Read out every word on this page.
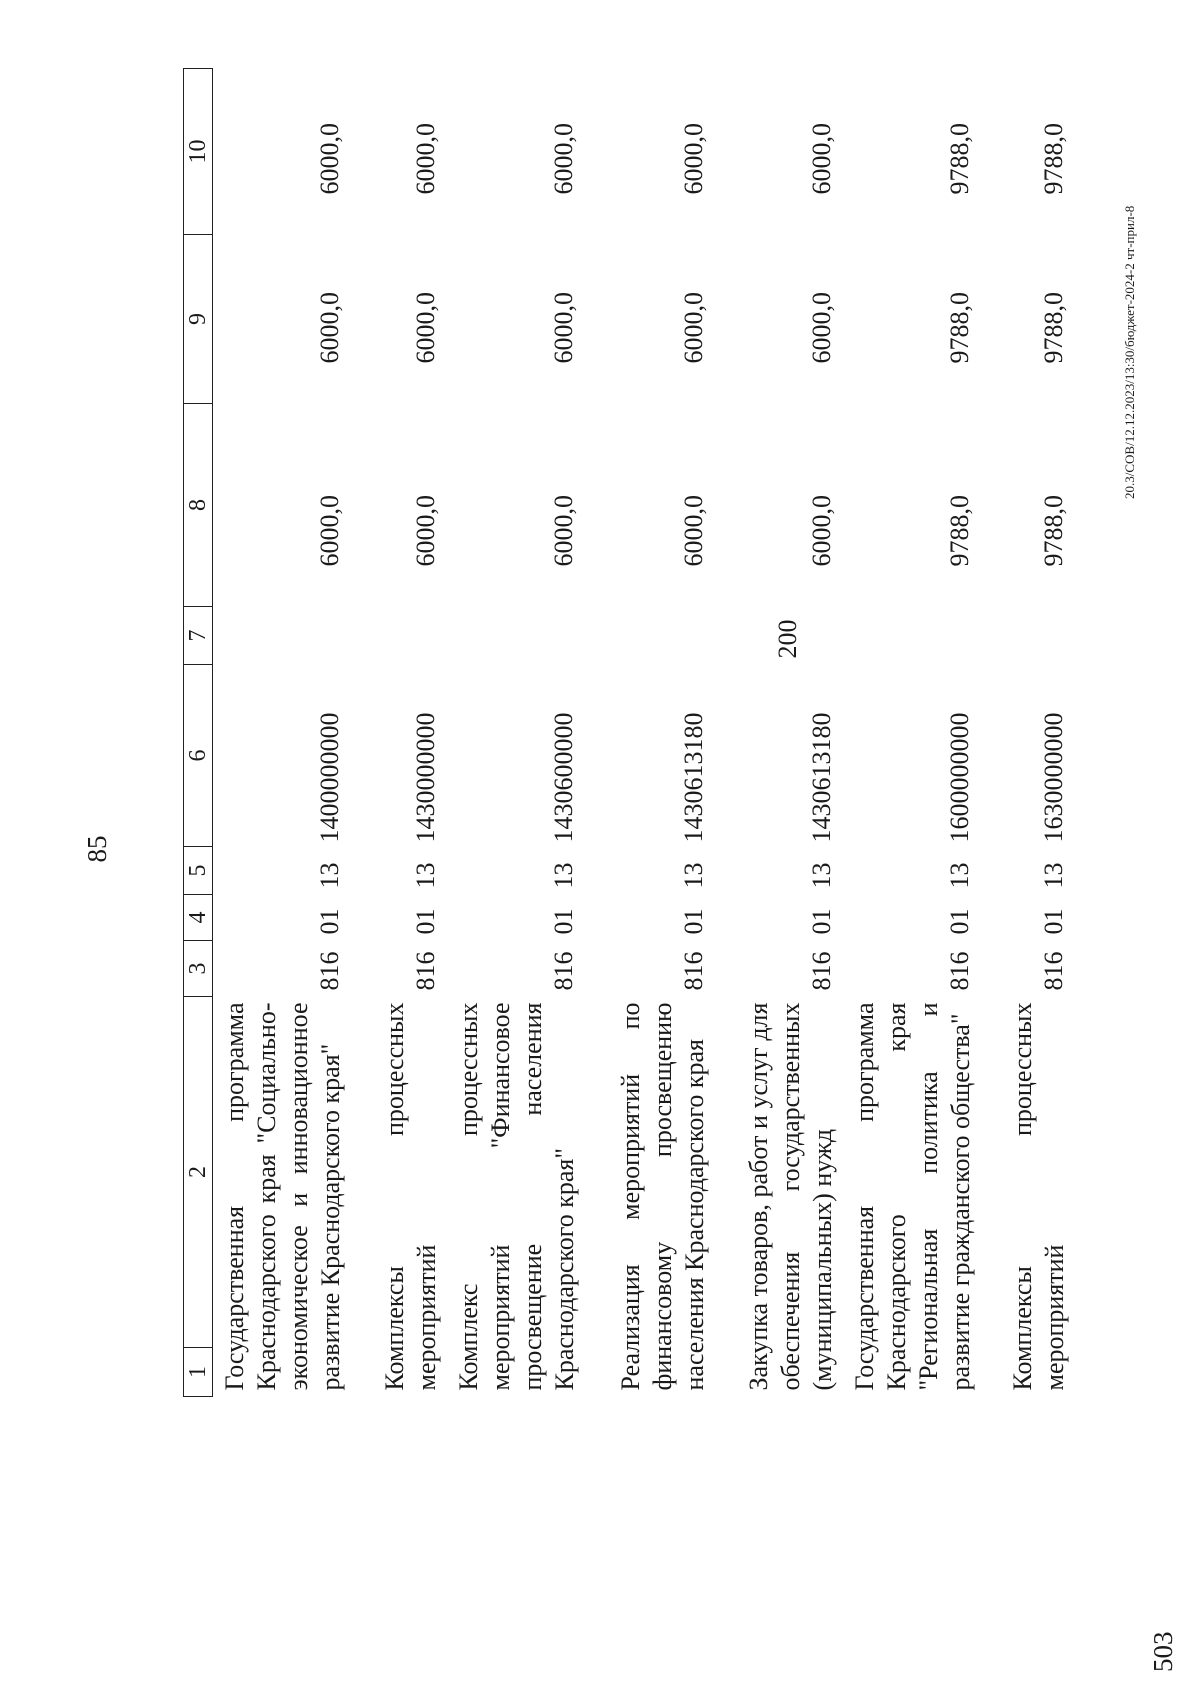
85
1	2	3	4	5	6	7	8	9	10
Государственная программа Краснодарского края "Социально-экономическое и инновационное развитие Краснодарского края"		816	01	13	1400000000		6000,0	6000,0	6000,0
Комплексы процессных мероприятий		816	01	13	1430000000		6000,0	6000,0	6000,0
Комплекс процессных мероприятий "Финансовое просвещение населения Краснодарского края"		816	01	13	1430600000		6000,0	6000,0	6000,0
Реализация мероприятий по финансовому просвещению населения Краснодарского края		816	01	13	1430613180		6000,0	6000,0	6000,0
Закупка товаров, работ и услуг для обеспечения государственных (муниципальных) нужд		816	01	13	1430613180	200	6000,0	6000,0	6000,0
Государственная программа Краснодарского края "Региональная политика и развитие гражданского общества"		816	01	13	1600000000		9788,0	9788,0	9788,0
Комплексы процессных мероприятий		816	01	13	1630000000		9788,0	9788,0	9788,0
20.3/СОВ/12.12.2023/13:30/бюджет-2024-2 чт-прил-8
503
